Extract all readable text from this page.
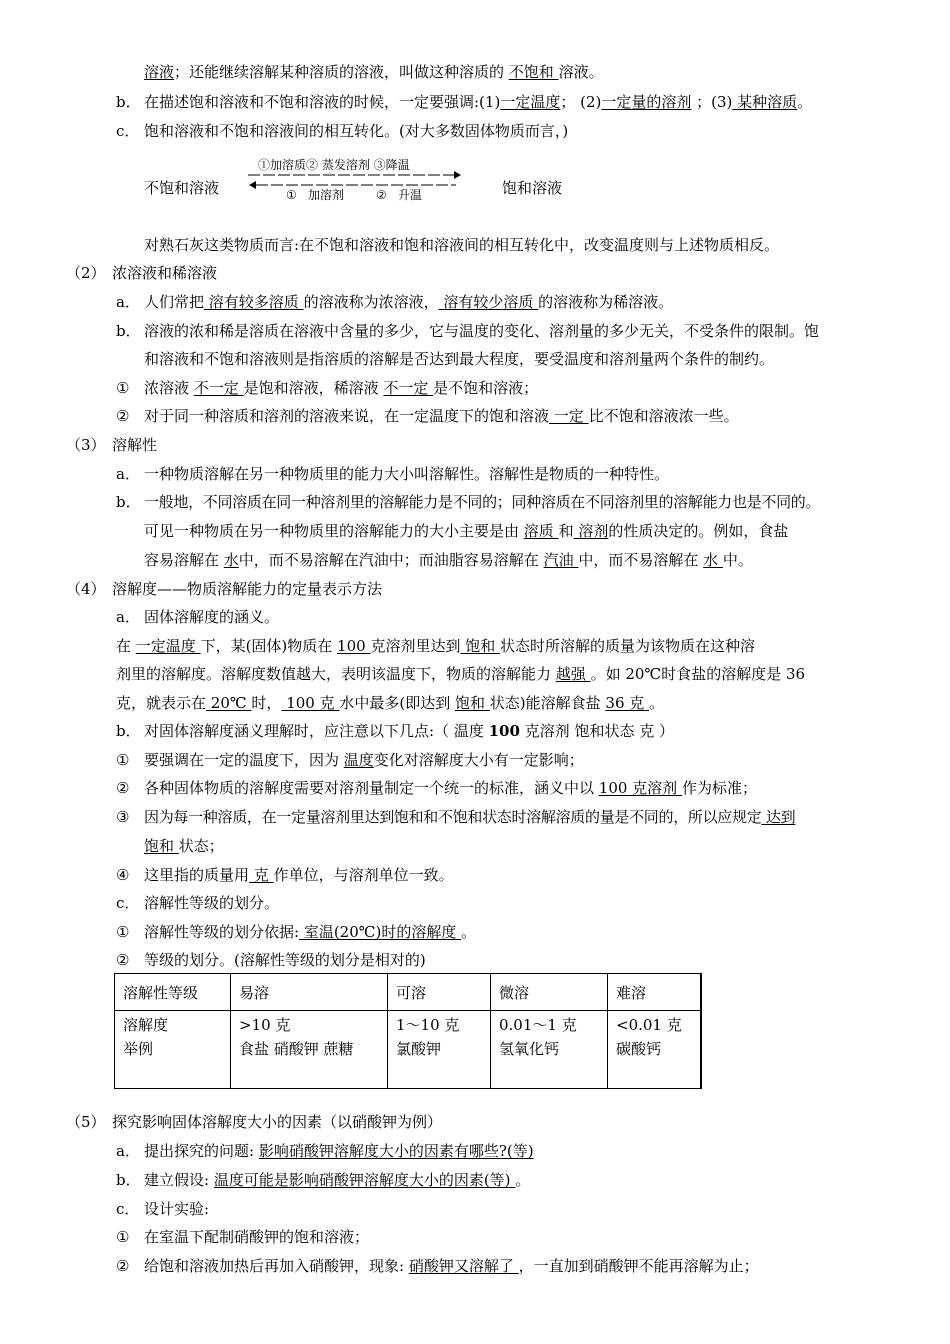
溶液；还能继续溶解某种溶质的溶液，叫做这种溶质的 不饱和 溶液。
b． 在描述饱和溶液和不饱和溶液的时候，一定要强调:(1)一定温度； (2)一定量的溶剂 ；(3) 某种溶质。
c． 饱和溶液和不饱和溶液间的相互转化。(对大多数固体物质而言，)
不饱和溶液
①加溶质② 蒸发溶剂 ③降温
① 加溶剂	② 升温	饱和溶液
对熟石灰这类物质而言:在不饱和溶液和饱和溶液间的相互转化中，改变温度则与上述物质相反。
（2） 浓溶液和稀溶液
a． 人们常把 溶有较多溶质 的溶液称为浓溶液， 溶有较少溶质 的溶液称为稀溶液。
b． 溶液的浓和稀是溶质在溶液中含量的多少，它与温度的变化、溶剂量的多少无关，不受条件的限制。饱
和溶液和不饱和溶液则是指溶质的溶解是否达到最大程度，要受温度和溶剂量两个条件的制约。
① 浓溶液 不一定 是饱和溶液，稀溶液 不一定 是不饱和溶液；
② 对于同一种溶质和溶剂的溶液来说，在一定温度下的饱和溶液 一定 比不饱和溶液浓一些。
（3） 溶解性
a． 一种物质溶解在另一种物质里的能力大小叫溶解性。溶解性是物质的一种特性。
b． 一般地，不同溶质在同一种溶剂里的溶解能力是不同的；同种溶质在不同溶剂里的溶解能力也是不同的。
可见一种物质在另一种物质里的溶解能力的大小主要是由 溶质 和 溶剂的性质决定的。例如，食盐
容易溶解在 水中，而不易溶解在汽油中；而油脂容易溶解在 汽油 中，而不易溶解在 水 中。
（4） 溶解度——物质溶解能力的定量表示方法
a． 固体溶解度的涵义。
在 一定温度 下，某(固体)物质在 100 克溶剂里达到 饱和 状态时所溶解的质量为该物质在这种溶
剂里的溶解度。溶解度数值越大，表明该温度下，物质的溶解能力 越强 。如 20℃时食盐的溶解度是 36
克，就表示在 20℃ 时， 100 克 水中最多(即达到 饱和 状态)能溶解食盐 36 克 。
b． 对固体溶解度涵义理解时，应注意以下几点:（ 温度 100 克溶剂 饱和状态 克 ）
① 要强调在一定的温度下，因为 温度变化对溶解度大小有一定影响；
② 各种固体物质的溶解度需要对溶剂量制定一个统一的标准，涵义中以 100 克溶剂 作为标准；
③ 因为每一种溶质，在一定量溶剂里达到饱和和不饱和状态时溶解溶质的量是不同的，所以应规定 达到
饱和 状态；
④ 这里指的质量用 克 作单位，与溶剂单位一致。
c． 溶解性等级的划分。
① 溶解性等级的划分依据: 室温(20℃)时的溶解度 。
② 等级的划分。(溶解性等级的划分是相对的)
溶解性等级	易溶	可溶	微溶	难溶
溶解度	>10 克	1～10 克	0.01～1 克	<0.01 克
举例	食盐 硝酸钾 蔗糖	氯酸钾	氢氧化钙	碳酸钙
（5） 探究影响固体溶解度大小的因素（以硝酸钾为例）
a． 提出探究的问题: 影响硝酸钾溶解度大小的因素有哪些?(等)
b． 建立假设: 温度可能是影响硝酸钾溶解度大小的因素(等) 。
c． 设计实验:
① 在室温下配制硝酸钾的饱和溶液；
② 给饱和溶液加热后再加入硝酸钾，现象: 硝酸钾又溶解了 ，一直加到硝酸钾不能再溶解为止；
